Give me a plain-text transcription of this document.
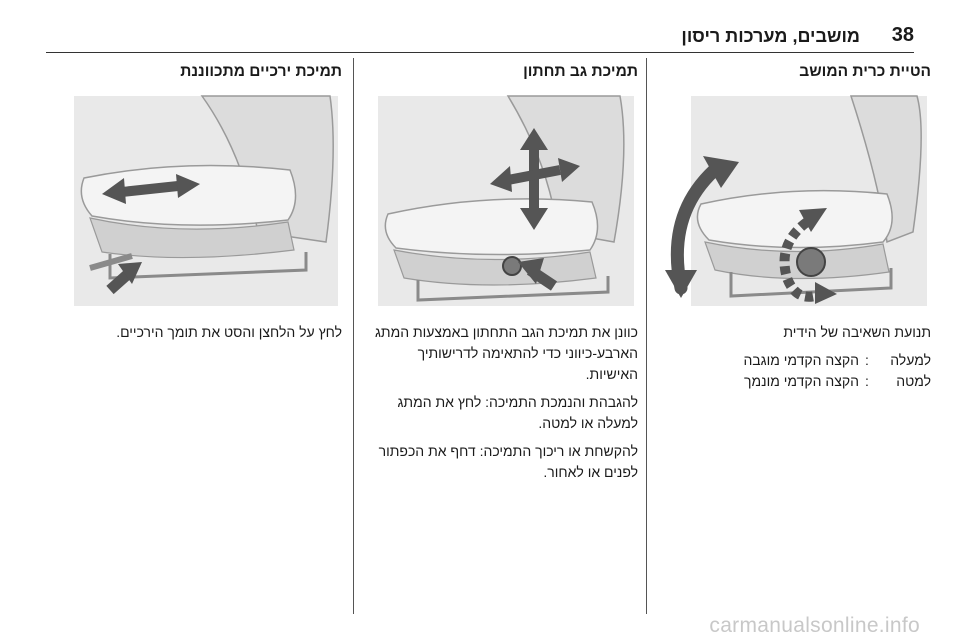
38
מושבים, מערכות ריסון
הטיית כרית המושב

תנועת השאיבה של הידית

למעלה
:
הקצה הקדמי מוגבה
למטה
:
הקצה הקדמי מונמך
תמיכת גב תחתון

כוונן את תמיכת הגב התחתון באמצעות המתג הארבע-כיווני כדי להתאימה לדרישותיך האישיות.

להגבהת והנמכת התמיכה: לחץ את המתג למעלה או למטה.

להקשחת או ריכוך התמיכה: דחף את הכפתור לפנים או לאחור.

תמיכת ירכיים מתכווננת

לחץ על הלחצן והסט את תומך הירכיים.

carmanualsonline.info
